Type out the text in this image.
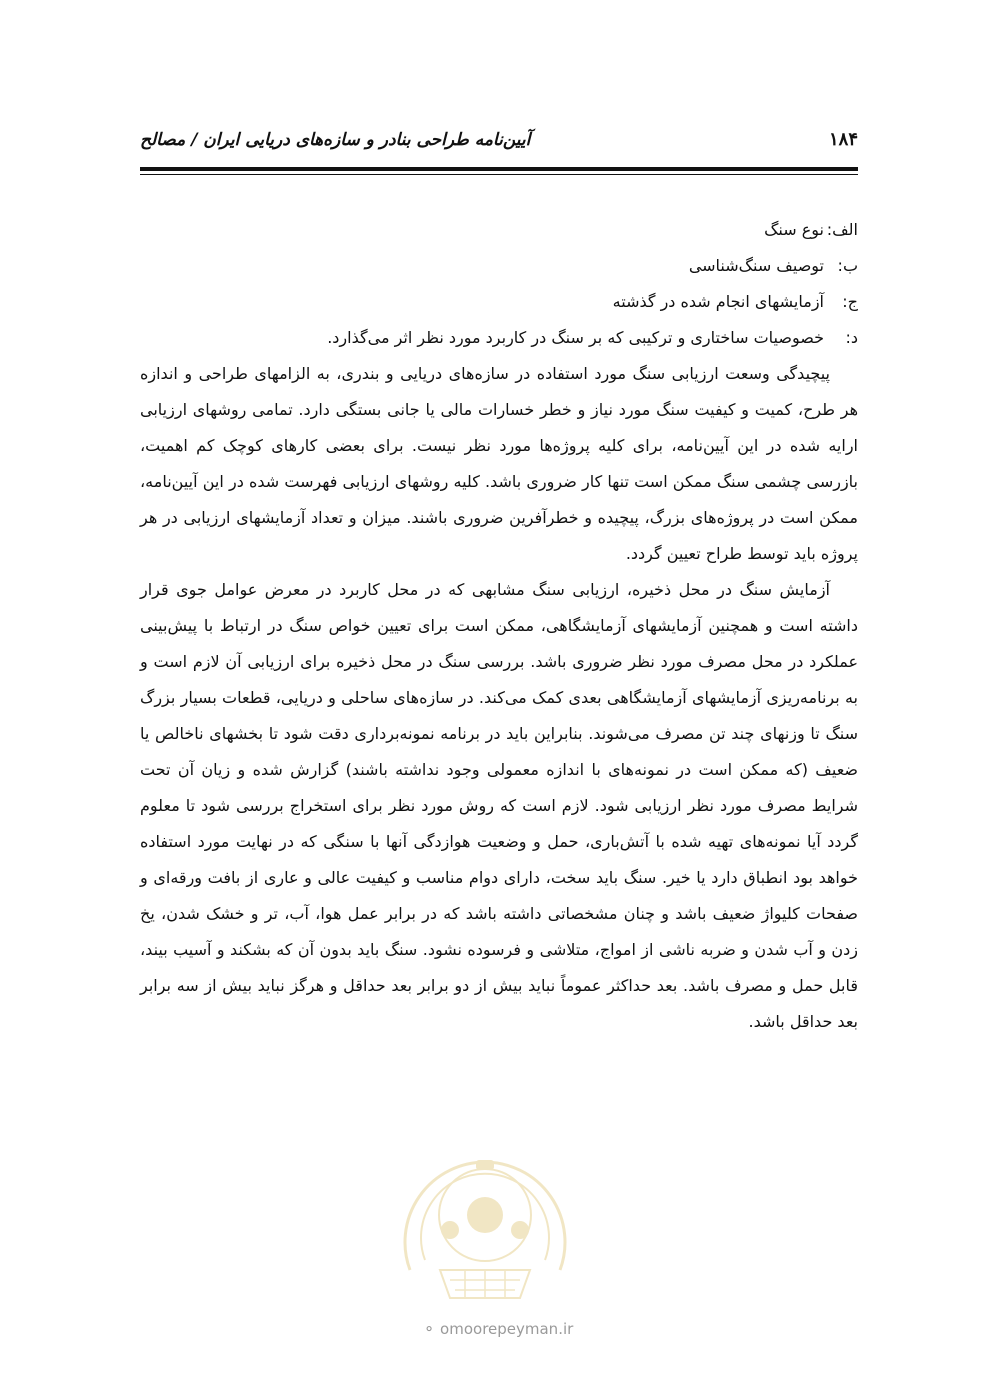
آیین‌نامه طراحی بنادر و سازه‌های دریایی ایران / مصالح	۱۸۴
الف:
نوع سنگ
ب:
توصیف سنگ‌شناسی
ج:
آزمایشهای انجام شده در گذشته
د:
خصوصیات ساختاری و ترکیبی که بر سنگ در کاربرد مورد نظر اثر می‌گذارد.

پیچیدگی وسعت ارزیابی سنگ مورد استفاده در سازه‌های دریایی و بندری، به الزامهای طراحی و اندازه هر طرح، کمیت و کیفیت سنگ مورد نیاز و خطر خسارات مالی یا جانی بستگی دارد. تمامی روشهای ارزیابی ارایه شده در این آیین‌نامه، برای کلیه پروژه‌ها مورد نظر نیست. برای بعضی کارهای کوچک کم اهمیت، بازرسی چشمی سنگ ممکن است تنها کار ضروری باشد. کلیه روشهای ارزیابی فهرست شده در این آیین‌نامه، ممکن است در پروژه‌های بزرگ، پیچیده و خطرآفرین ضروری باشند. میزان و تعداد آزمایشهای ارزیابی در هر پروژه باید توسط طراح تعیین گردد.

آزمایش سنگ در محل ذخیره، ارزیابی سنگ مشابهی که در محل کاربرد در معرض عوامل جوی قرار داشته است و همچنین آزمایشهای آزمایشگاهی، ممکن است برای تعیین خواص سنگ در ارتباط با پیش‌بینی عملکرد در محل مصرف مورد نظر ضروری باشد. بررسی سنگ در محل ذخیره برای ارزیابی آن لازم است و به برنامه‌ریزی آزمایشهای آزمایشگاهی بعدی کمک می‌کند. در سازه‌های ساحلی و دریایی، قطعات بسیار بزرگ سنگ تا وزنهای چند تن مصرف می‌شوند. بنابراین باید در برنامه نمونه‌برداری دقت شود تا بخشهای ناخالص یا ضعیف (که ممکن است در نمونه‌های با اندازه معمولی وجود نداشته باشند) گزارش شده و زیان آن تحت شرایط مصرف مورد نظر ارزیابی شود. لازم است که روش مورد نظر برای استخراج بررسی شود تا معلوم گردد آیا نمونه‌های تهیه شده با آتش‌باری، حمل و وضعیت هوازدگی آنها با سنگی که در نهایت مورد استفاده خواهد بود انطباق دارد یا خیر. سنگ باید سخت، دارای دوام مناسب و کیفیت عالی و عاری از بافت ورقه‌ای و صفحات کلیواژ ضعیف باشد و چنان مشخصاتی داشته باشد که در برابر عمل هوا، آب، تر و خشک شدن، یخ زدن و آب شدن و ضربه ناشی از امواج، متلاشی و فرسوده نشود. سنگ باید بدون آن که بشکند و آسیب بیند، قابل حمل و مصرف باشد. بعد حداکثر عموماً نباید بیش از دو برابر بعد حداقل و هرگز نباید بیش از سه برابر بعد حداقل باشد.

⚬ omoorepeyman.ir
